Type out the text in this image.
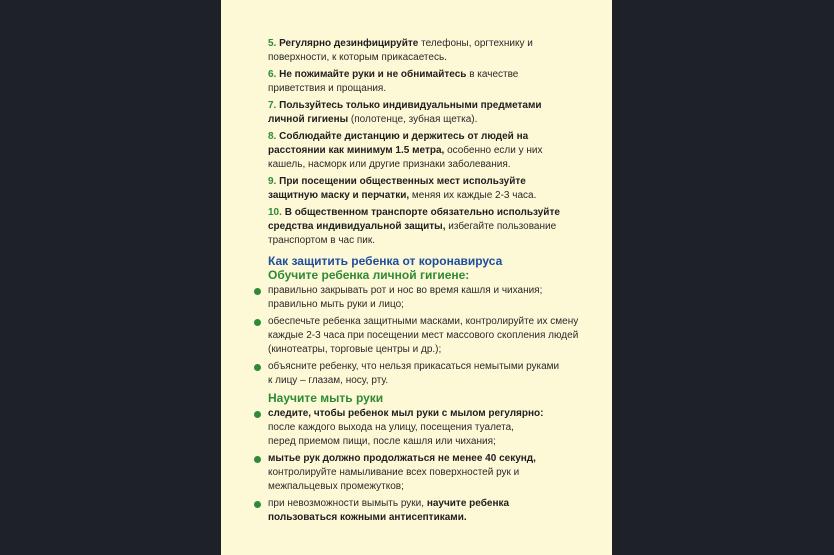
5. Регулярно дезинфицируйте телефоны, оргтехнику и
поверхности, к которым прикасаетесь.
6. Не пожимайте руки и не обнимайтесь в качестве
приветствия и прощания.
7. Пользуйтесь только индивидуальными предметами
личной гигиены (полотенце, зубная щетка).
8. Соблюдайте дистанцию и держитесь от людей на
расстоянии как минимум 1.5 метра, особенно если у них
кашель, насморк или другие признаки заболевания.
9. При посещении общественных мест используйте
защитную маску и перчатки, меняя их каждые 2-3 часа.
10. В общественном транспорте обязательно используйте
средства индивидуальной защиты, избегайте пользование
транспортом в час пик.
Как защитить ребенка от коронавируса
Обучите ребенка личной гигиене:
правильно закрывать рот и нос во время кашля и чихания;
правильно мыть руки и лицо;
обеспечьте ребенка защитными масками, контролируйте их смену
каждые 2-3 часа при посещении мест массового скопления людей
(кинотеатры, торговые центры и др.);
объясните ребенку, что нельзя прикасаться немытыми руками
к лицу – глазам, носу, рту.
Научите мыть руки
следите, чтобы ребенок мыл руки с мылом регулярно:
после каждого выхода на улицу, посещения туалета,
перед приемом пищи, после кашля или чихания;
мытье рук должно продолжаться не менее 40 секунд,
контролируйте намыливание всех поверхностей рук и
межпальцевых промежутков;
при невозможности вымыть руки, научите ребенка
пользоваться кожными антисептиками.
